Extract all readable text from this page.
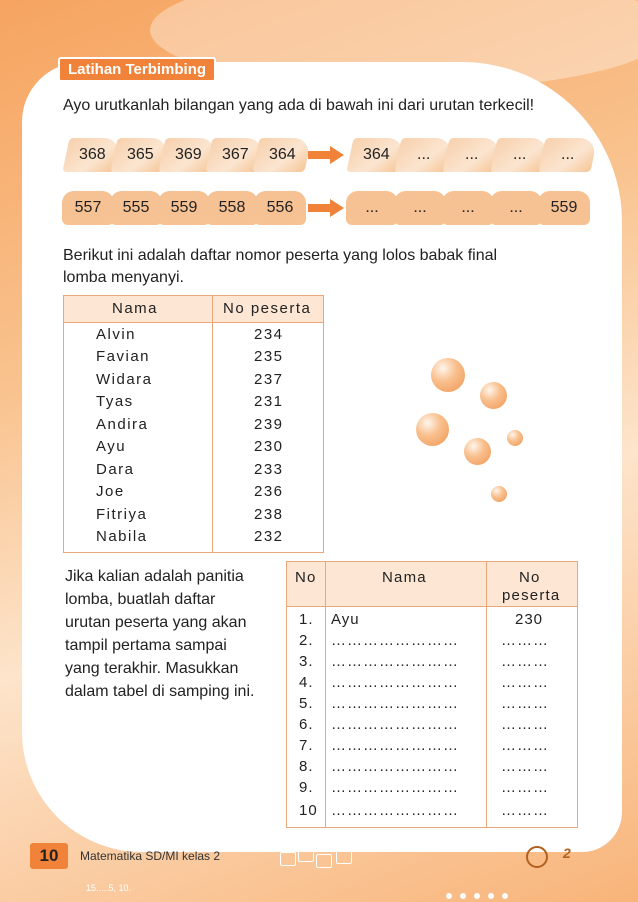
Latihan Terbimbing
Ayo urutkanlah bilangan yang ada di bawah ini dari urutan terkecil!
368 365 369 367 364	364 ... ... ... ...
557 555 559 558 556	... ... ... ... 559
Berikut ini adalah daftar nomor peserta yang lolos babak final
lomba menyanyi.
Nama	No peserta
Alvin	234
Favian	235
Widara	237
Tyas	231
Andira	239
Ayu	230
Dara	233
Joe	236
Fitriya	238
Nabila	232
Jika kalian adalah panitia
lomba, buatlah daftar
urutan peserta yang akan
tampil pertama sampai
yang terakhir. Masukkan
dalam tabel di samping ini.
No	Nama	No
peserta
1. Ayu	230
2. ……………………	………
3. ……………………	………
4. ……………………	………
5. ……………………	………
6. ……………………	………
7. ……………………	………
8. ……………………	………
9. ……………………	………
10 ……………………	………
10	Matematika SD/MI kelas 2
15.....5, 10.
2
